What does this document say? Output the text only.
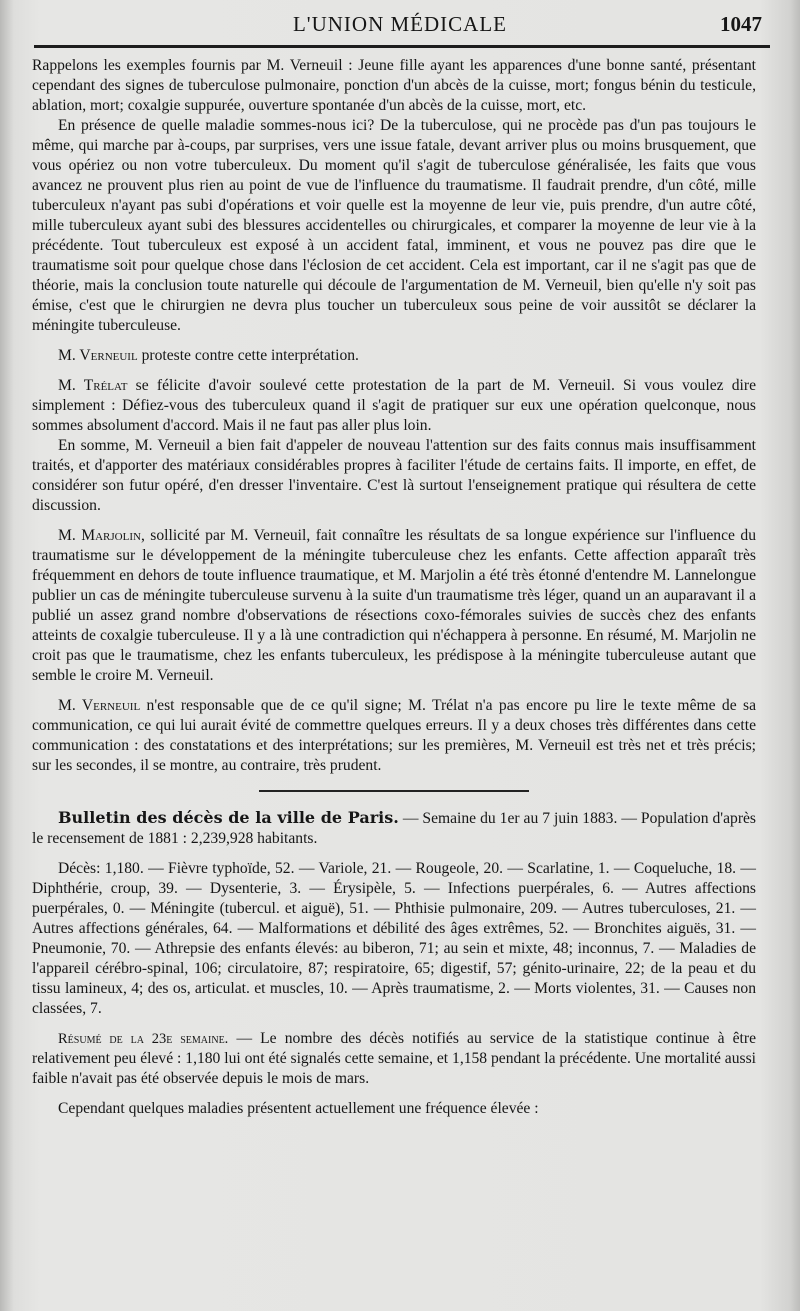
L'UNION MÉDICALE	1047

Rappelons les exemples fournis par M. Verneuil : Jeune fille ayant les apparences d'une bonne santé, présentant cependant des signes de tuberculose pulmonaire, ponction d'un abcès de la cuisse, mort; fongus bénin du testicule, ablation, mort; coxalgie suppurée, ouverture spontanée d'un abcès de la cuisse, mort, etc.

En présence de quelle maladie sommes-nous ici? De la tuberculose, qui ne procède pas d'un pas toujours le même, qui marche par à-coups, par surprises, vers une issue fatale, devant arriver plus ou moins brusquement, que vous opériez ou non votre tuberculeux. Du moment qu'il s'agit de tuberculose généralisée, les faits que vous avancez ne prouvent plus rien au point de vue de l'influence du traumatisme. Il faudrait prendre, d'un côté, mille tuberculeux n'ayant pas subi d'opérations et voir quelle est la moyenne de leur vie, puis prendre, d'un autre côté, mille tuberculeux ayant subi des blessures accidentelles ou chirurgicales, et comparer la moyenne de leur vie à la précédente. Tout tuberculeux est exposé à un accident fatal, imminent, et vous ne pouvez pas dire que le traumatisme soit pour quelque chose dans l'éclosion de cet accident. Cela est important, car il ne s'agit pas que de théorie, mais la conclusion toute naturelle qui découle de l'argumentation de M. Verneuil, bien qu'elle n'y soit pas émise, c'est que le chirurgien ne devra plus toucher un tuberculeux sous peine de voir aussitôt se déclarer la méningite tuberculeuse.

M. Verneuil proteste contre cette interprétation.

M. Trélat se félicite d'avoir soulevé cette protestation de la part de M. Verneuil. Si vous voulez dire simplement : Défiez-vous des tuberculeux quand il s'agit de pratiquer sur eux une opération quelconque, nous sommes absolument d'accord. Mais il ne faut pas aller plus loin.

En somme, M. Verneuil a bien fait d'appeler de nouveau l'attention sur des faits connus mais insuffisamment traités, et d'apporter des matériaux considérables propres à faciliter l'étude de certains faits. Il importe, en effet, de considérer son futur opéré, d'en dresser l'inventaire. C'est là surtout l'enseignement pratique qui résultera de cette discussion.

M. Marjolin, sollicité par M. Verneuil, fait connaître les résultats de sa longue expérience sur l'influence du traumatisme sur le développement de la méningite tuberculeuse chez les enfants. Cette affection apparaît très fréquemment en dehors de toute influence traumatique, et M. Marjolin a été très étonné d'entendre M. Lannelongue publier un cas de méningite tuberculeuse survenu à la suite d'un traumatisme très léger, quand un an auparavant il a publié un assez grand nombre d'observations de résections coxo-fémorales suivies de succès chez des enfants atteints de coxalgie tuberculeuse. Il y a là une contradiction qui n'échappera à personne. En résumé, M. Marjolin ne croit pas que le traumatisme, chez les enfants tuberculeux, les prédispose à la méningite tuberculeuse autant que semble le croire M. Verneuil.

M. Verneuil n'est responsable que de ce qu'il signe; M. Trélat n'a pas encore pu lire le texte même de sa communication, ce qui lui aurait évité de commettre quelques erreurs. Il y a deux choses très différentes dans cette communication : des constatations et des interprétations; sur les premières, M. Verneuil est très net et très précis; sur les secondes, il se montre, au contraire, très prudent.

Bulletin des décès de la ville de Paris. — Semaine du 1er au 7 juin 1883. — Population d'après le recensement de 1881 : 2,239,928 habitants.

Décès: 1,180. — Fièvre typhoïde, 52. — Variole, 21. — Rougeole, 20. — Scarlatine, 1. — Coqueluche, 18. — Diphthérie, croup, 39. — Dysenterie, 3. — Érysipèle, 5. — Infections puerpérales, 6. — Autres affections puerpérales, 0. — Méningite (tubercul. et aiguë), 51. — Phthisie pulmonaire, 209. — Autres tuberculoses, 21. — Autres affections générales, 64. — Malformations et débilité des âges extrêmes, 52. — Bronchites aiguës, 31. — Pneumonie, 70. — Athrepsie des enfants élevés: au biberon, 71; au sein et mixte, 48; inconnus, 7. — Maladies de l'appareil cérébro-spinal, 106; circulatoire, 87; respiratoire, 65; digestif, 57; génito-urinaire, 22; de la peau et du tissu lamineux, 4; des os, articulat. et muscles, 10. — Après traumatisme, 2. — Morts violentes, 31. — Causes non classées, 7.

Résumé de la 23e semaine. — Le nombre des décès notifiés au service de la statistique continue à être relativement peu élevé : 1,180 lui ont été signalés cette semaine, et 1,158 pendant la précédente. Une mortalité aussi faible n'avait pas été observée depuis le mois de mars.

Cependant quelques maladies présentent actuellement une fréquence élevée :
